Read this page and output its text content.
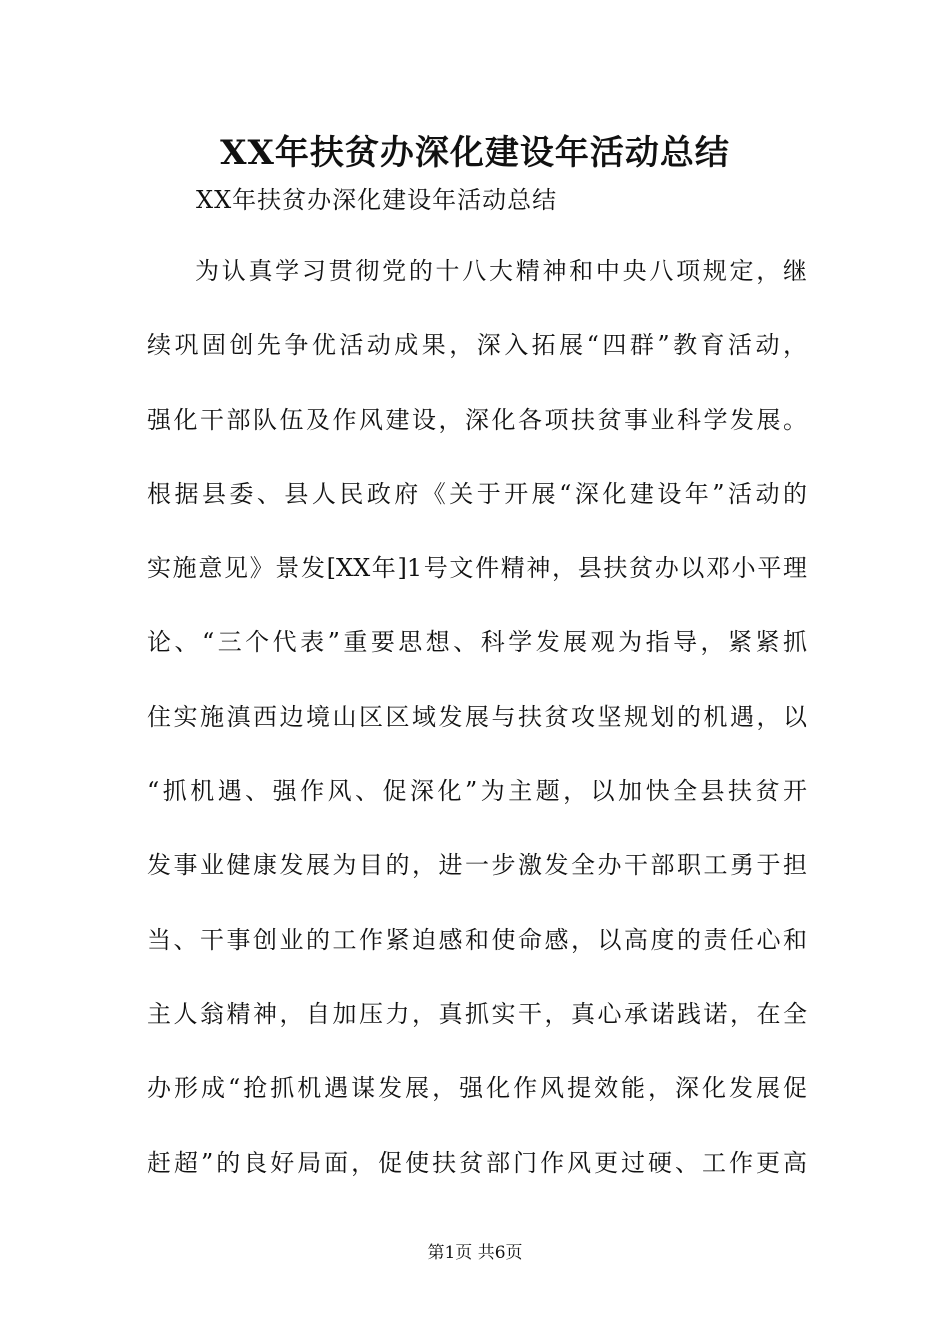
XX年扶贫办深化建设年活动总结
XX年扶贫办深化建设年活动总结
为认真学习贯彻党的十八大精神和中央八项规定，继
续巩固创先争优活动成果，深入拓展“四群”教育活动，
强化干部队伍及作风建设，深化各项扶贫事业科学发展。
根据县委、县人民政府《关于开展“深化建设年”活动的
实施意见》景发[XX年]1号文件精神，县扶贫办以邓小平理
论、“三个代表”重要思想、科学发展观为指导，紧紧抓
住实施滇西边境山区区域发展与扶贫攻坚规划的机遇，以
“抓机遇、强作风、促深化”为主题，以加快全县扶贫开
发事业健康发展为目的，进一步激发全办干部职工勇于担
当、干事创业的工作紧迫感和使命感，以高度的责任心和
主人翁精神，自加压力，真抓实干，真心承诺践诺，在全
办形成“抢抓机遇谋发展，强化作风提效能，深化发展促
赶超”的良好局面，促使扶贫部门作风更过硬、工作更高
第1页 共6页
